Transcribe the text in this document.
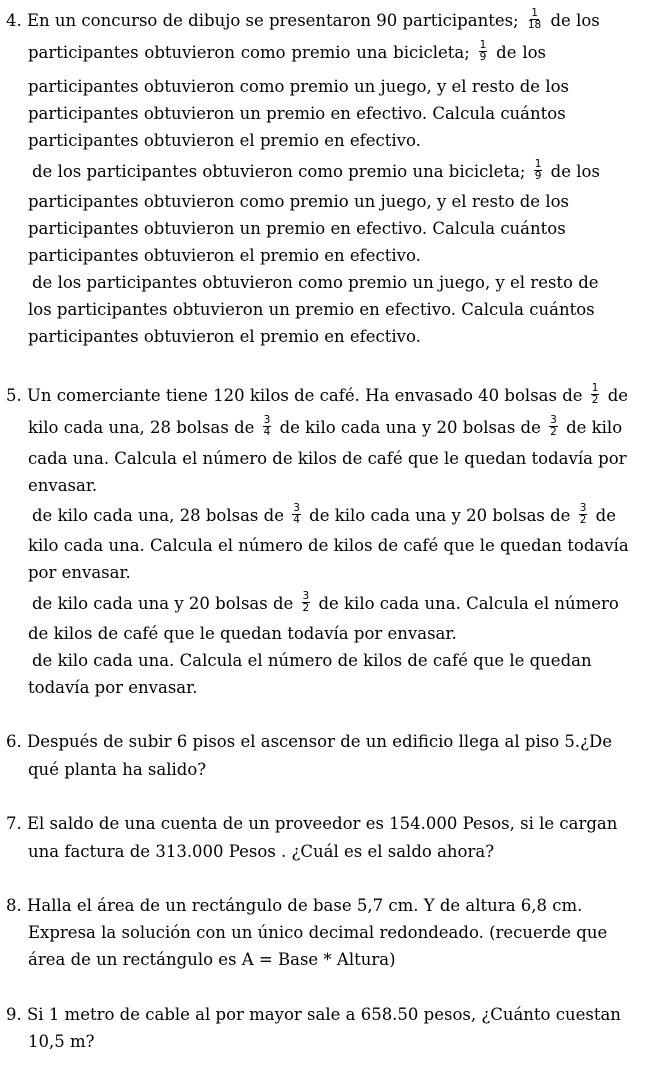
4. En un concurso de dibujo se presentaron 90 participantes; $\frac{1}{18}$ de los
participantes obtuvieron como premio una bicicleta; $\frac{1}{9}$ de los
participantes obtuvieron como premio un juego, y el resto de los
participantes obtuvieron un premio en efectivo. Calcula cuántos
participantes obtuvieron el premio en efectivo.
de los participantes obtuvieron como premio una bicicleta; $\frac{1}{9}$ de los
participantes obtuvieron como premio un juego, y el resto de los
participantes obtuvieron un premio en efectivo. Calcula cuántos
participantes obtuvieron el premio en efectivo.
de los participantes obtuvieron como premio un juego, y el resto de
los participantes obtuvieron un premio en efectivo. Calcula cuántos
participantes obtuvieron el premio en efectivo.
5. Un comerciante tiene 120 kilos de café. Ha envasado 40 bolsas de $\frac{1}{2}$ de
kilo cada una, 28 bolsas de $\frac{3}{4}$ de kilo cada una y 20 bolsas de $\frac{3}{2}$ de kilo
cada una. Calcula el número de kilos de café que le quedan todavía por
envasar.
de kilo cada una, 28 bolsas de $\frac{3}{4}$ de kilo cada una y 20 bolsas de $\frac{3}{2}$ de
kilo cada una. Calcula el número de kilos de café que le quedan todavía
por envasar.
de kilo cada una y 20 bolsas de $\frac{3}{2}$ de kilo cada una. Calcula el número
de kilos de café que le quedan todavía por envasar.
de kilo cada una. Calcula el número de kilos de café que le quedan
todavía por envasar.
6. Después de subir 6 pisos el ascensor de un edificio llega al piso 5.¿De
qué planta ha salido?
7. El saldo de una cuenta de un proveedor es 154.000 Pesos, si le cargan
una factura de 313.000 Pesos . ¿Cuál es el saldo ahora?
8. Halla el área de un rectángulo de base 5,7 cm. Y de altura 6,8 cm.
Expresa la solución con un único decimal redondeado. (recuerde que
área de un rectángulo es A = Base * Altura)
9. Si 1 metro de cable al por mayor sale a 658.50 pesos, ¿Cuánto cuestan
10,5 m?
